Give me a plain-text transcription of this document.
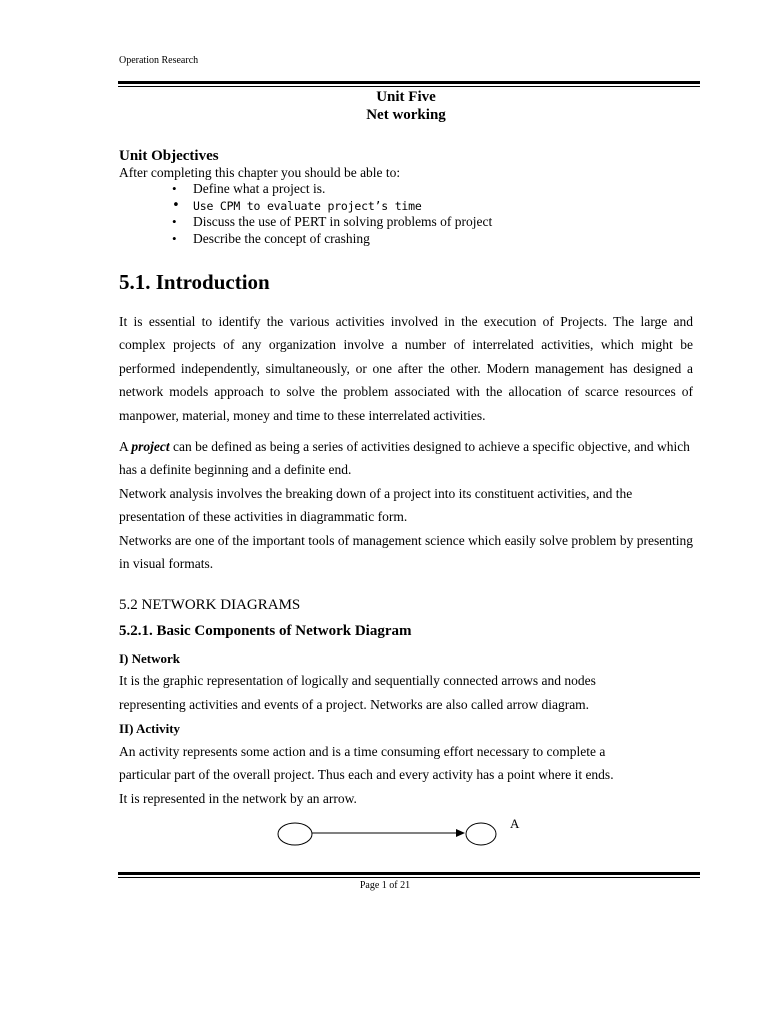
Operation Research
Unit Five
Net working
Unit Objectives
After completing this chapter you should be able to:
• Define what a project is.
• Use CPM to evaluate project’s time
• Discuss the use of PERT in solving problems of project
• Describe the concept of crashing
5.1. Introduction

It is essential to identify the various activities involved in the execution of Projects. The large and complex projects of any organization involve a number of interrelated activities, which might be performed independently, simultaneously, or one after the other. Modern management has designed a network models approach to solve the problem associated with the allocation of scarce resources of manpower, material, money and time to these interrelated activities.

A project can be defined as being a series of activities designed to achieve a specific objective, and which has a definite beginning and a definite end.
Network analysis involves the breaking down of a project into its constituent activities, and the presentation of these activities in diagrammatic form.
Networks are one of the important tools of management science which easily solve problem by presenting in visual formats.
5.2 NETWORK DIAGRAMS
5.2.1. Basic Components of Network Diagram
I) Network
It is the graphic representation of logically and sequentially connected arrows and nodes
representing activities and events of a project. Networks are also called arrow diagram.
II) Activity
An activity represents some action and is a time consuming effort necessary to complete a
particular part of the overall project. Thus each and every activity has a point where it ends.
It is represented in the network by an arrow.
A
Page 1 of 21
